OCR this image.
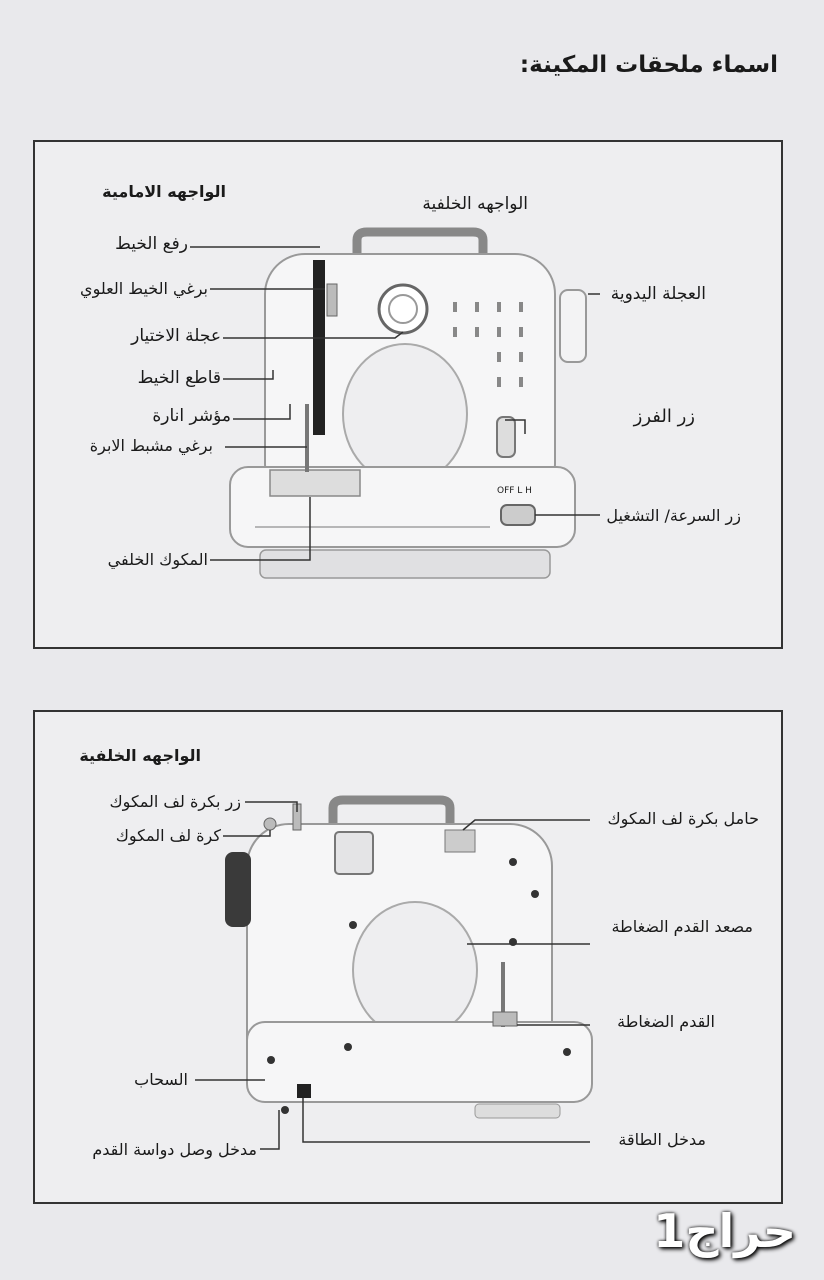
اسماء ملحقات المكينة:
الواجهه الامامية
الواجهه الخلفية
رفع الخيط
برغي الخيط العلوي
عجلة الاختيار
قاطع الخيط
مؤشر انارة
برغي مشبط الابرة
المكوك الخلفي
العجلة اليدوية
زر الفرز
زر السرعة/ التشغيل
OFF L H
الواجهه الخلفية
زر بكرة لف المكوك
كرة لف المكوك
حامل بكرة لف المكوك
مصعد القدم الضغاطة
القدم الضغاطة
السحاب
مدخل وصل دواسة القدم
مدخل الطاقة
حراج1
